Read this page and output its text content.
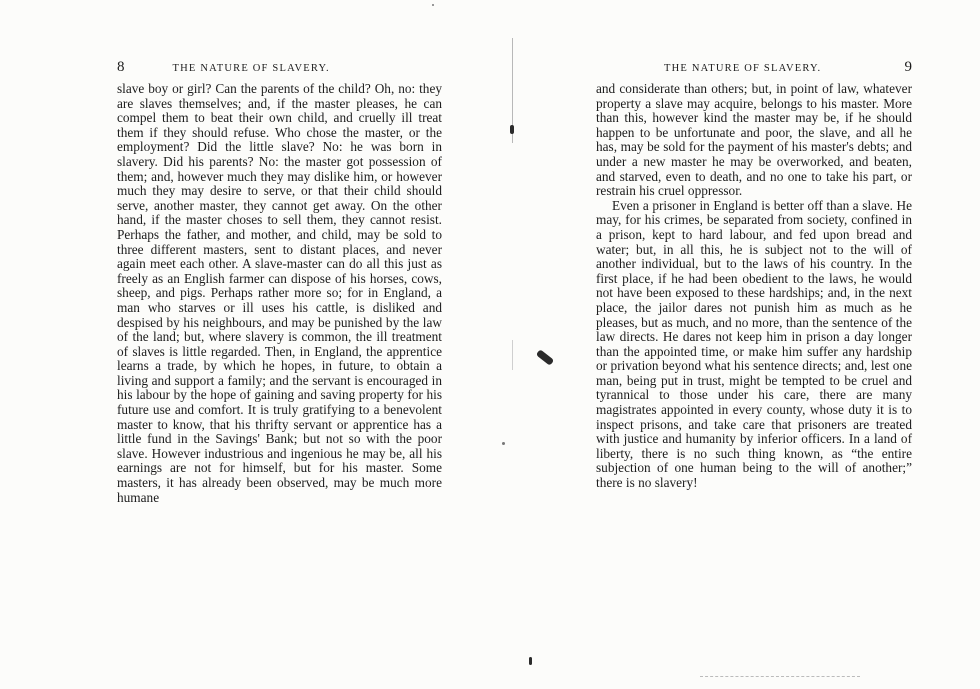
8	THE NATURE OF SLAVERY.

slave boy or girl? Can the parents of the child? Oh, no: they are slaves themselves; and, if the master pleases, he can compel them to beat their own child, and cruelly ill treat them if they should refuse. Who chose the master, or the employment? Did the little slave? No: he was born in slavery. Did his parents? No: the master got possession of them; and, however much they may dislike him, or however much they may desire to serve, or that their child should serve, another master, they cannot get away. On the other hand, if the master choses to sell them, they cannot resist. Perhaps the father, and mother, and child, may be sold to three different masters, sent to distant places, and never again meet each other. A slave-master can do all this just as freely as an English farmer can dispose of his horses, cows, sheep, and pigs. Perhaps rather more so; for in England, a man who starves or ill uses his cattle, is disliked and despised by his neighbours, and may be punished by the law of the land; but, where slavery is common, the ill treatment of slaves is little regarded. Then, in England, the apprentice learns a trade, by which he hopes, in future, to obtain a living and support a family; and the servant is encouraged in his labour by the hope of gaining and saving property for his future use and comfort. It is truly gratifying to a benevolent master to know, that his thrifty servant or apprentice has a little fund in the Savings' Bank; but not so with the poor slave. However industrious and ingenious he may be, all his earnings are not for himself, but for his master. Some masters, it has already been observed, may be much more humane

THE NATURE OF SLAVERY.	9

and considerate than others; but, in point of law, whatever property a slave may acquire, belongs to his master. More than this, however kind the master may be, if he should happen to be unfortunate and poor, the slave, and all he has, may be sold for the payment of his master's debts; and under a new master he may be overworked, and beaten, and starved, even to death, and no one to take his part, or restrain his cruel oppressor.

Even a prisoner in England is better off than a slave. He may, for his crimes, be separated from society, confined in a prison, kept to hard labour, and fed upon bread and water; but, in all this, he is subject not to the will of another individual, but to the laws of his country. In the first place, if he had been obedient to the laws, he would not have been exposed to these hardships; and, in the next place, the jailor dares not punish him as much as he pleases, but as much, and no more, than the sentence of the law directs. He dares not keep him in prison a day longer than the appointed time, or make him suffer any hardship or privation beyond what his sentence directs; and, lest one man, being put in trust, might be tempted to be cruel and tyrannical to those under his care, there are many magistrates appointed in every county, whose duty it is to inspect prisons, and take care that prisoners are treated with justice and humanity by inferior officers. In a land of liberty, there is no such thing known, as “the entire subjection of one human being to the will of another;” there is no slavery!
